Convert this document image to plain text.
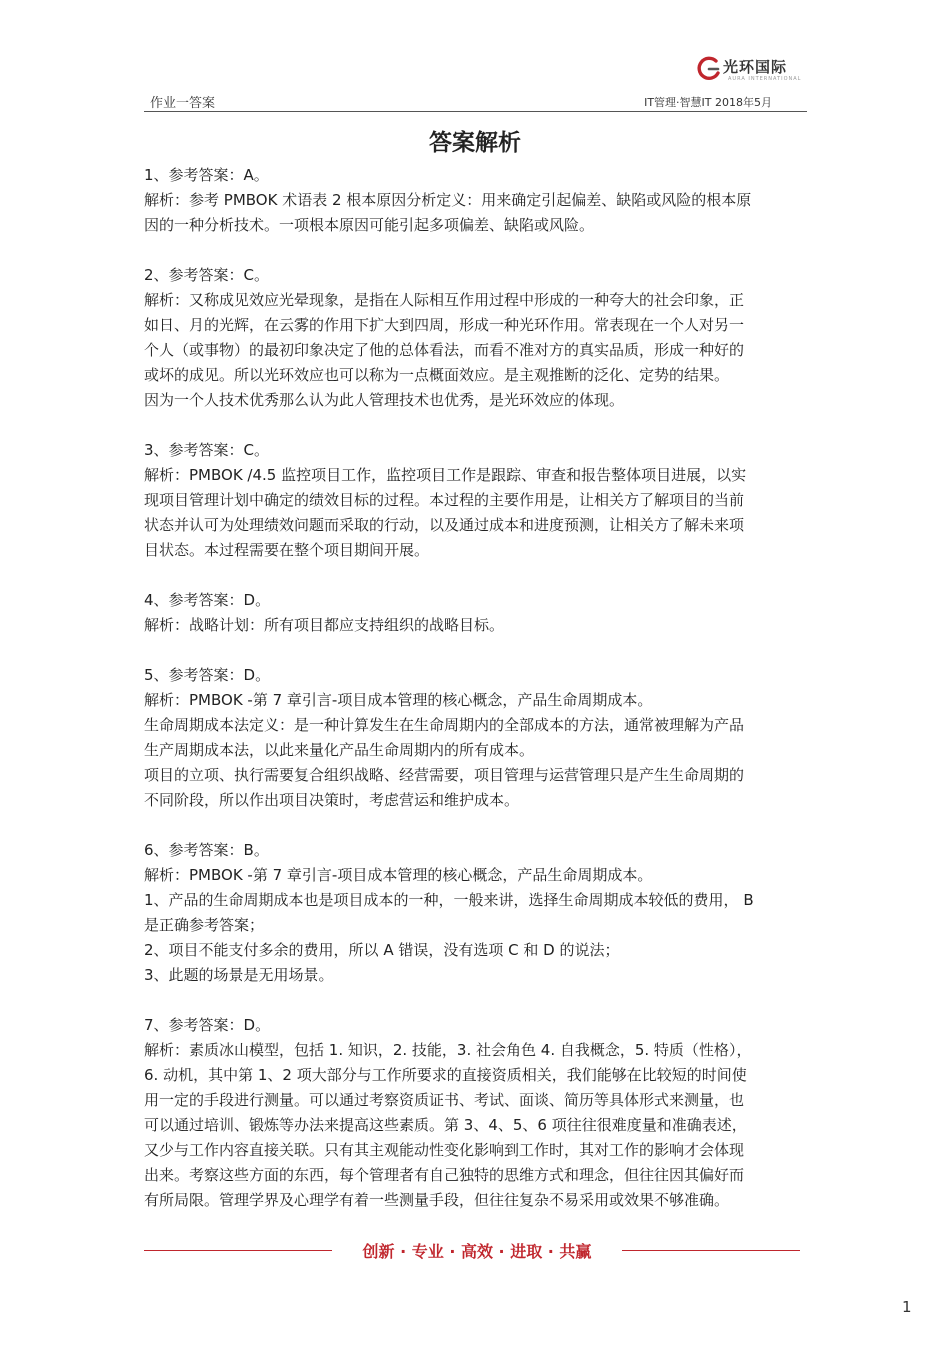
光环国际
AURA INTERNATIONAL
作业一答案	IT管理·智慧IT 2018年5月
答案解析
1、参考答案：A。
解析：参考 PMBOK 术语表 2 根本原因分析定义：用来确定引起偏差、缺陷或风险的根本原
因的一种分析技术。一项根本原因可能引起多项偏差、缺陷或风险。
2、参考答案：C。
解析：又称成见效应光晕现象，是指在人际相互作用过程中形成的一种夸大的社会印象，正
如日、月的光辉，在云雾的作用下扩大到四周，形成一种光环作用。常表现在一个人对另一
个人（或事物）的最初印象决定了他的总体看法，而看不准对方的真实品质，形成一种好的
或坏的成见。所以光环效应也可以称为一点概面效应。是主观推断的泛化、定势的结果。
因为一个人技术优秀那么认为此人管理技术也优秀，是光环效应的体现。
3、参考答案：C。
解析：PMBOK /4.5 监控项目工作，监控项目工作是跟踪、审查和报告整体项目进展，以实
现项目管理计划中确定的绩效目标的过程。本过程的主要作用是，让相关方了解项目的当前
状态并认可为处理绩效问题而采取的行动，以及通过成本和进度预测，让相关方了解未来项
目状态。本过程需要在整个项目期间开展。
4、参考答案：D。
解析：战略计划：所有项目都应支持组织的战略目标。
5、参考答案：D。
解析：PMBOK -第 7 章引言-项目成本管理的核心概念，产品生命周期成本。
生命周期成本法定义：是一种计算发生在生命周期内的全部成本的方法，通常被理解为产品
生产周期成本法，以此来量化产品生命周期内的所有成本。
项目的立项、执行需要复合组织战略、经营需要，项目管理与运营管理只是产生生命周期的
不同阶段，所以作出项目决策时，考虑营运和维护成本。
6、参考答案：B。
解析：PMBOK -第 7 章引言-项目成本管理的核心概念，产品生命周期成本。
1、产品的生命周期成本也是项目成本的一种，一般来讲，选择生命周期成本较低的费用， B
是正确参考答案；
2、项目不能支付多余的费用，所以 A 错误，没有选项 C 和 D 的说法；
3、此题的场景是无用场景。
7、参考答案：D。
解析：素质冰山模型，包括 1. 知识，2. 技能，3. 社会角色 4. 自我概念，5. 特质（性格），
6. 动机，其中第 1、2 项大部分与工作所要求的直接资质相关，我们能够在比较短的时间使
用一定的手段进行测量。可以通过考察资质证书、考试、面谈、简历等具体形式来测量，也
可以通过培训、锻炼等办法来提高这些素质。第 3、4、5、6 项往往很难度量和准确表述，
又少与工作内容直接关联。只有其主观能动性变化影响到工作时，其对工作的影响才会体现
出来。考察这些方面的东西，每个管理者有自己独特的思维方式和理念，但往往因其偏好而
有所局限。管理学界及心理学有着一些测量手段，但往往复杂不易采用或效果不够准确。
创新 · 专业 · 高效 · 进取 · 共赢
1
